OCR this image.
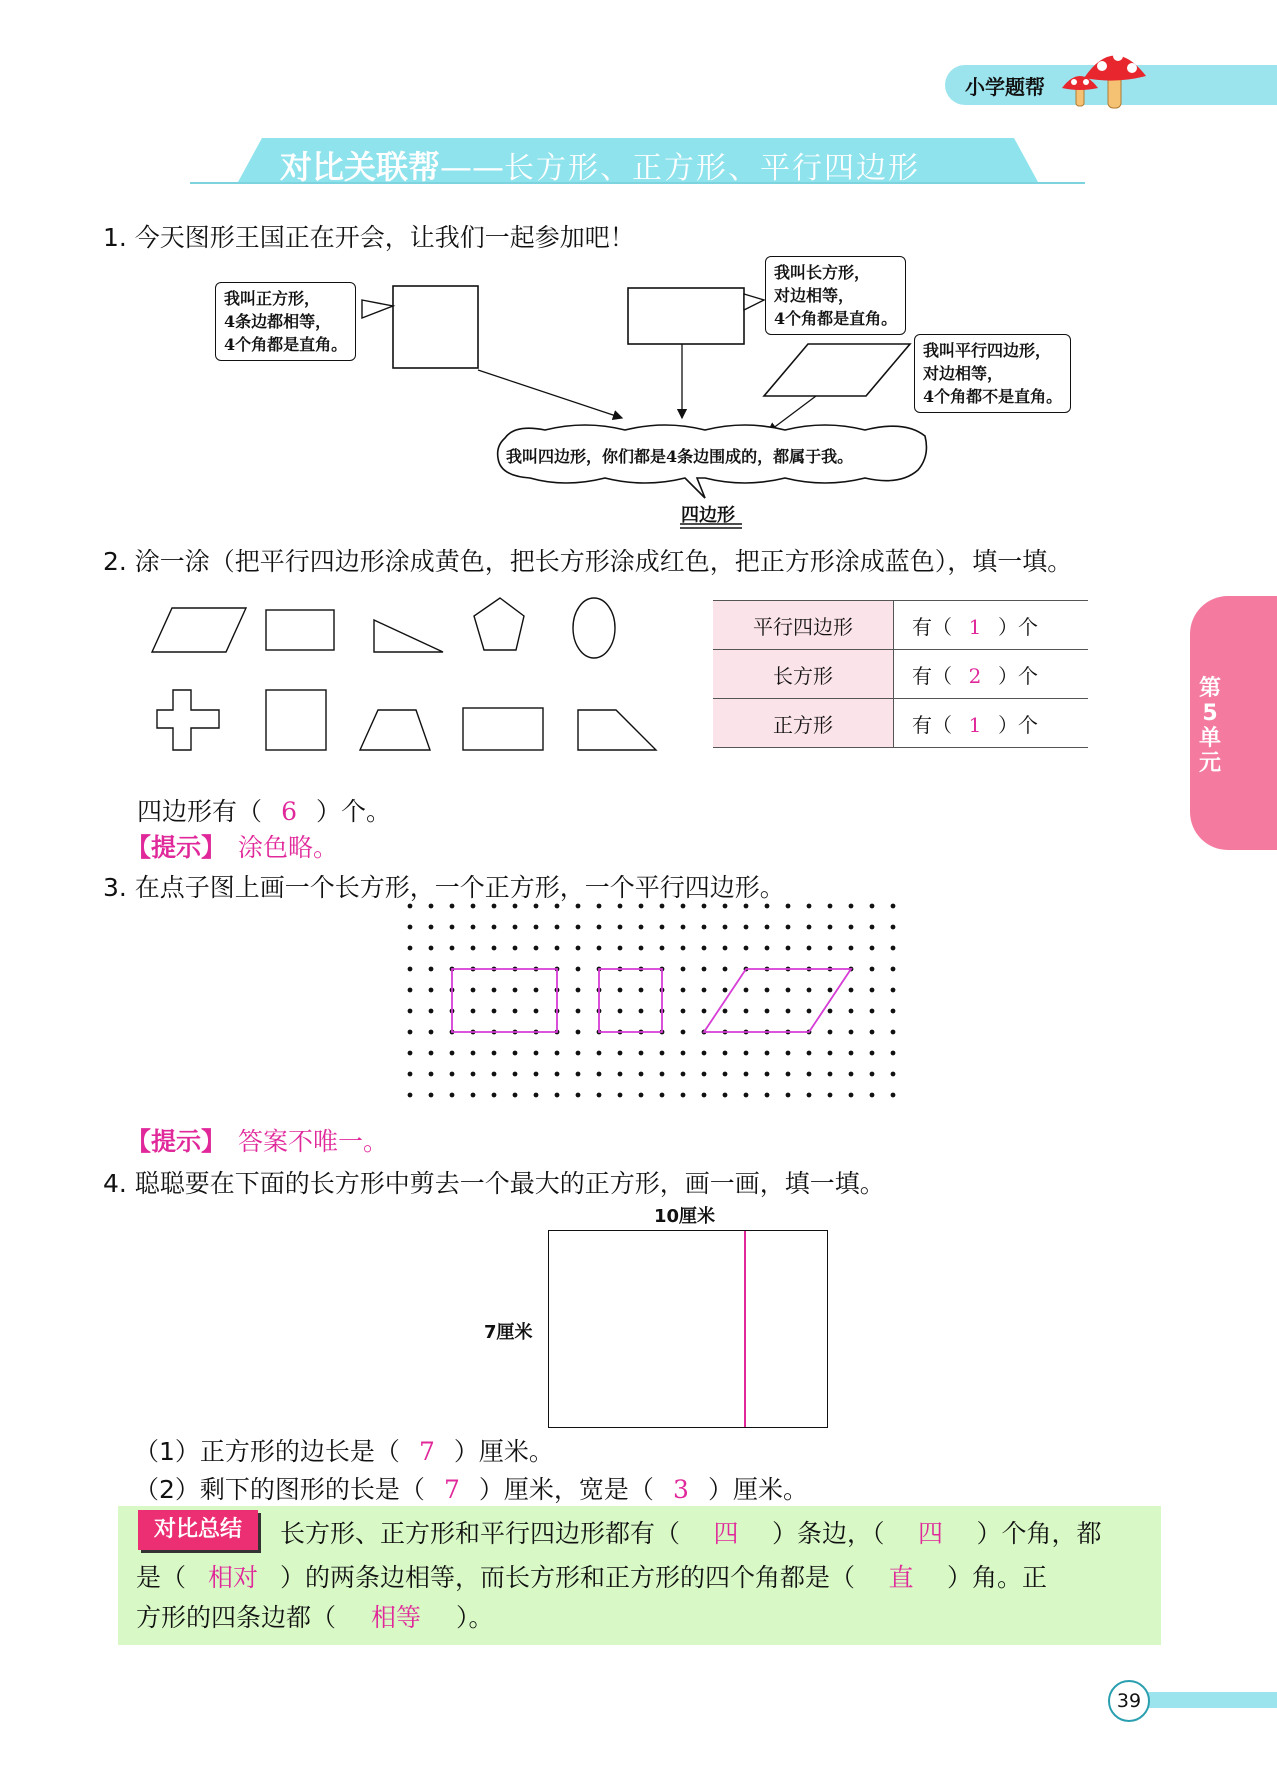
小学题帮
对比关联帮——长方形、正方形、平行四边形
第
5
单
元
1. 今天图形王国正在开会，让我们一起参加吧！
我叫正方形，
4条边都相等，
4个角都是直角。
我叫长方形，
对边相等，
4个角都是直角。
我叫平行四边形，
对边相等，
4个角都不是直角。
我叫四边形，你们都是4条边围成的，都属于我。
四边形
2. 涂一涂（把平行四边形涂成黄色，把长方形涂成红色，把正方形涂成蓝色），填一填。
平行四边形	有（ 1 ）个
长方形	有（ 2 ）个
正方形	有（ 1 ）个
四边形有（ 6 ）个。
【提示】 涂色略。
3. 在点子图上画一个长方形，一个正方形，一个平行四边形。
【提示】 答案不唯一。
4. 聪聪要在下面的长方形中剪去一个最大的正方形，画一画，填一填。
10厘米
7厘米
（1）正方形的边长是（ 7 ）厘米。
（2）剩下的图形的长是（ 7 ）厘米，宽是（ 3 ）厘米。
对比总结	长方形、正方形和平行四边形都有（ 四 ）条边，（ 四 ）个角，都
是（ 相对 ）的两条边相等，而长方形和正方形的四个角都是（ 直 ）角。正
方形的四条边都（ 相等 ）。
39
